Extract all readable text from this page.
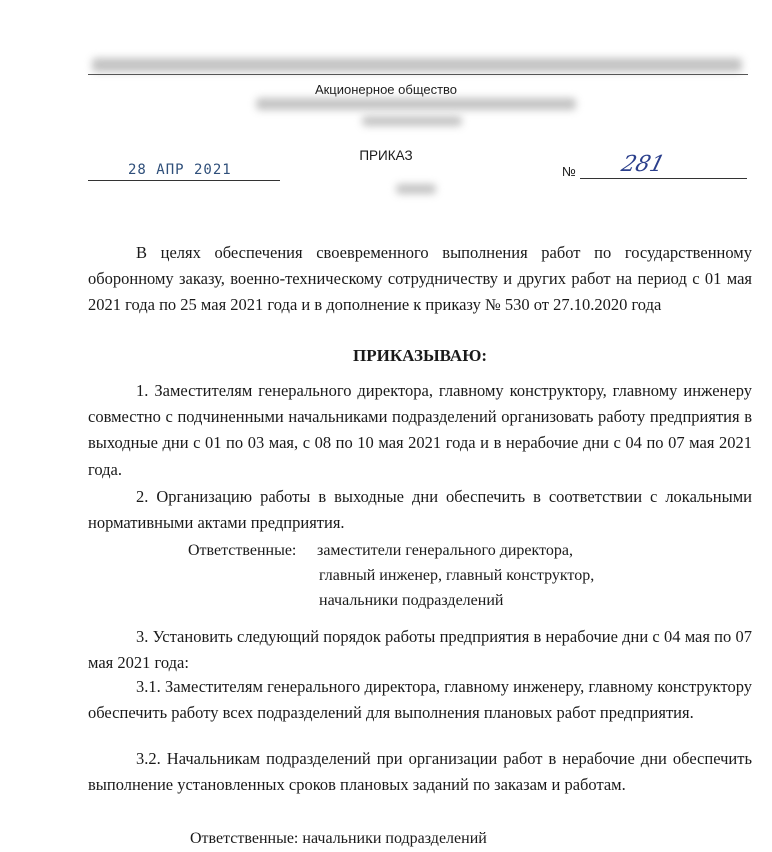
Акционерное общество
ПРИКАЗ
28 АПР 2021	№ 281
В целях обеспечения своевременного выполнения работ по государственному оборонному заказу, военно-техническому сотрудничеству и других работ на период с 01 мая 2021 года по 25 мая 2021 года и в дополнение к приказу № 530 от 27.10.2020 года
ПРИКАЗЫВАЮ:
1. Заместителям генерального директора, главному конструктору, главному инженеру совместно с подчиненными начальниками подразделений организовать работу предприятия в выходные дни с 01 по 03 мая, с 08 по 10 мая 2021 года и в нерабочие дни с 04 по 07 мая 2021 года.
2. Организацию работы в выходные дни обеспечить в соответствии с локальными нормативными актами предприятия.
Ответственные: заместители генерального директора,
главный инженер, главный конструктор,
начальники подразделений
3. Установить следующий порядок работы предприятия в нерабочие дни с 04 мая по 07 мая 2021 года:
3.1. Заместителям генерального директора, главному инженеру, главному конструктору обеспечить работу всех подразделений для выполнения плановых работ предприятия.
3.2. Начальникам подразделений при организации работ в нерабочие дни обеспечить выполнение установленных сроков плановых заданий по заказам и работам.
Ответственные: начальники подразделений
